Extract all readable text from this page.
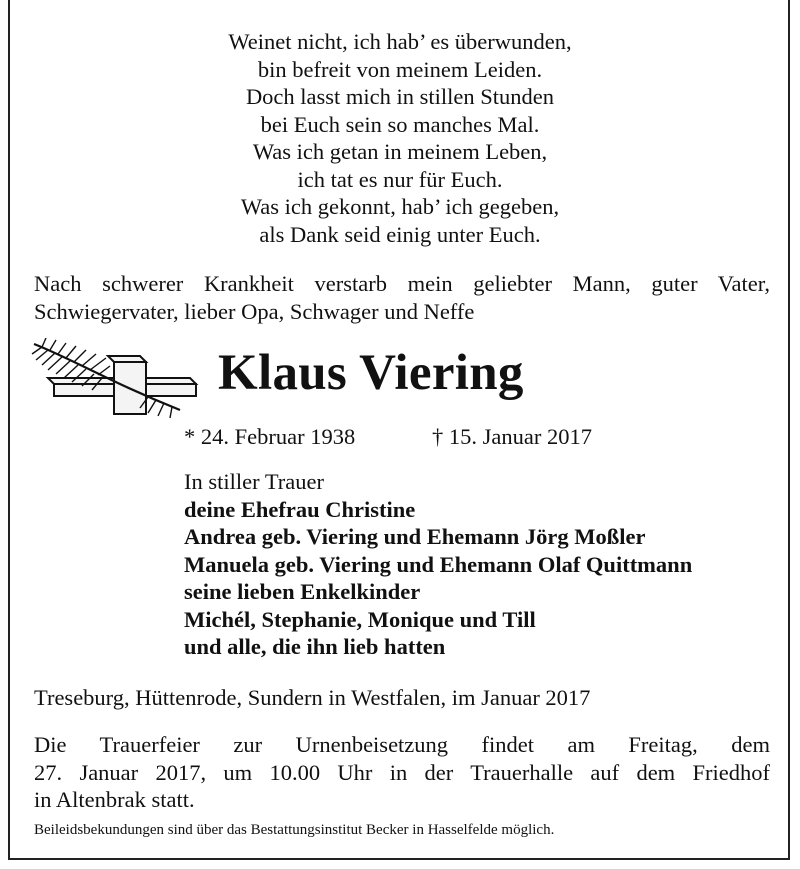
Weinet nicht, ich hab’ es überwunden,
bin befreit von meinem Leiden.
Doch lasst mich in stillen Stunden
bei Euch sein so manches Mal.
Was ich getan in meinem Leben,
ich tat es nur für Euch.
Was ich gekonnt, hab’ ich gegeben,
als Dank seid einig unter Euch.
Nach schwerer Krankheit verstarb mein geliebter Mann, guter Vater,
Schwiegervater, lieber Opa, Schwager und Neffe
Klaus Viering
* 24. Februar 1938	† 15. Januar 2017
In stiller Trauer
deine Ehefrau Christine
Andrea geb. Viering und Ehemann Jörg Moßler
Manuela geb. Viering und Ehemann Olaf Quittmann
seine lieben Enkelkinder
Michél, Stephanie, Monique und Till
und alle, die ihn lieb hatten
Treseburg, Hüttenrode, Sundern in Westfalen, im Januar 2017
Die Trauerfeier zur Urnenbeisetzung findet am Freitag, dem
27. Januar 2017, um 10.00 Uhr in der Trauerhalle auf dem Friedhof
in Altenbrak statt.
Beileidsbekundungen sind über das Bestattungsinstitut Becker in Hasselfelde möglich.
